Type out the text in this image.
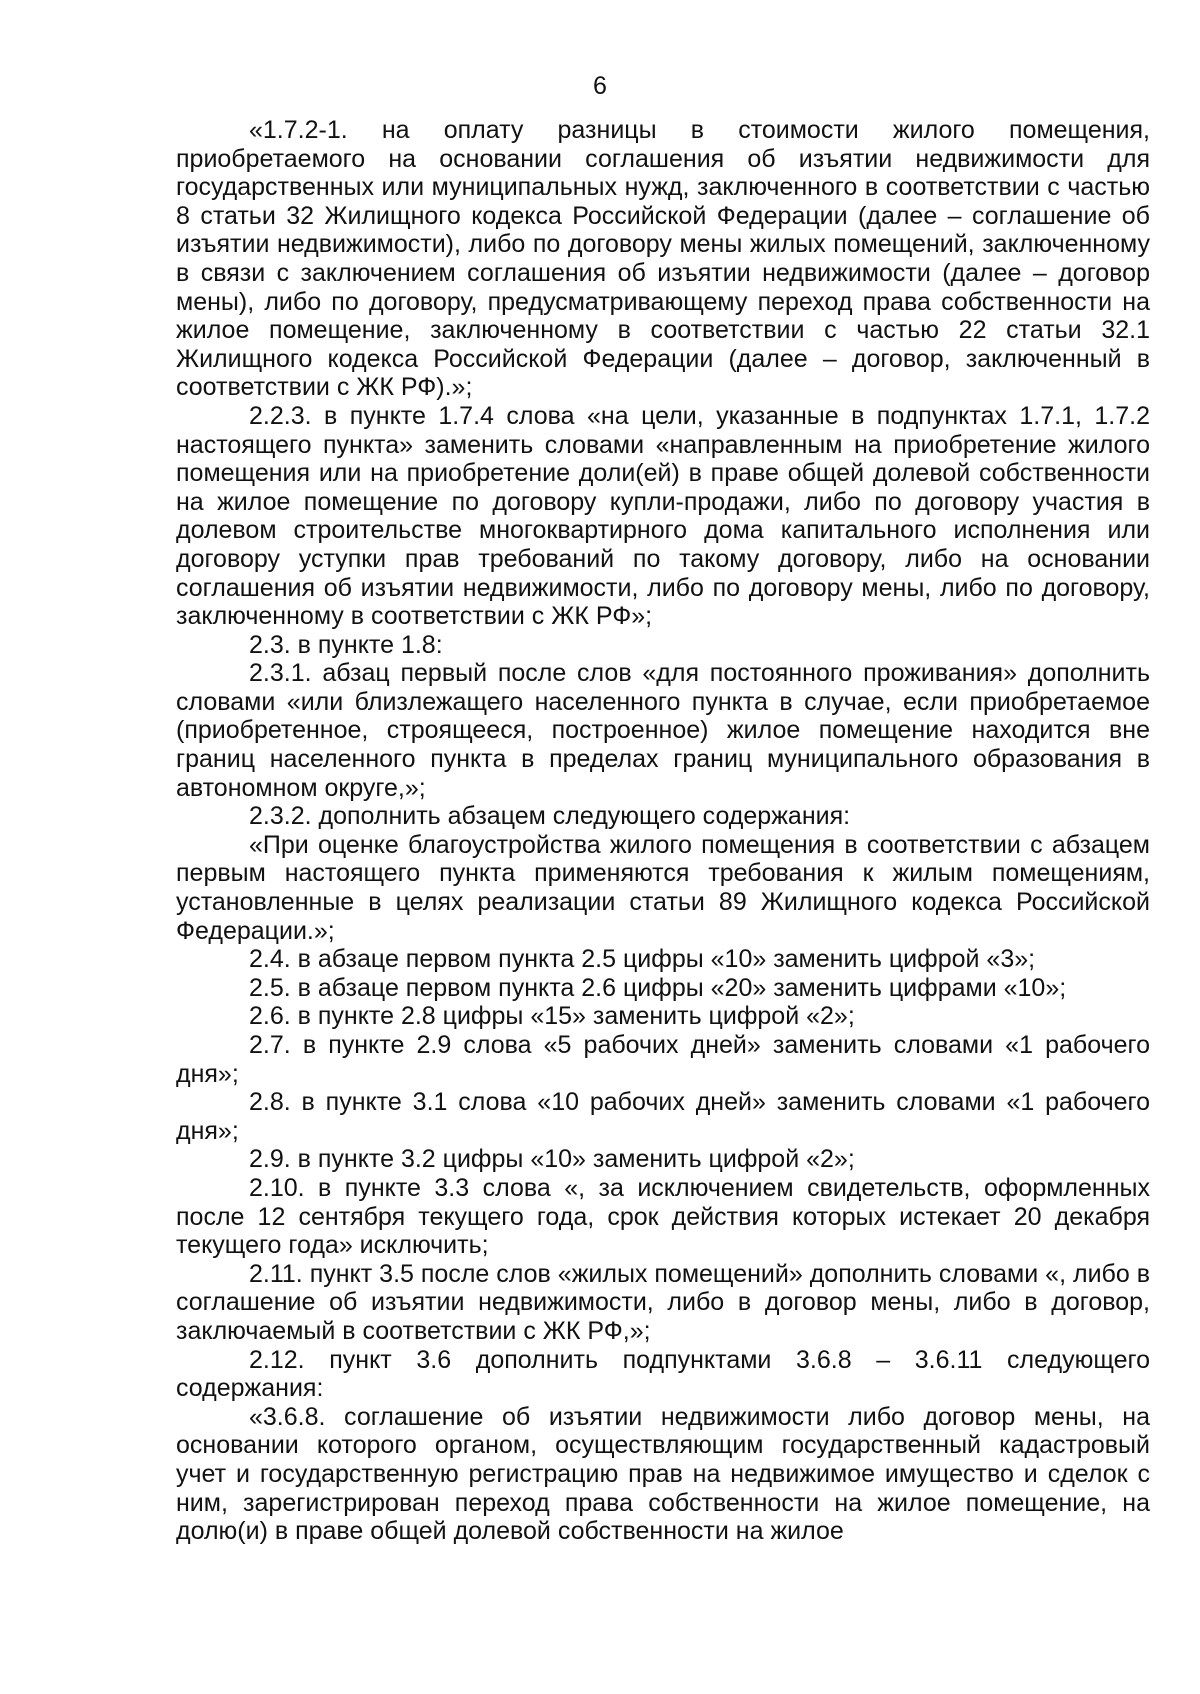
6

«1.7.2-1. на оплату разницы в стоимости жилого помещения, приобретаемого на основании соглашения об изъятии недвижимости для государственных или муниципальных нужд, заключенного в соответствии с частью 8 статьи 32 Жилищного кодекса Российской Федерации (далее – соглашение об изъятии недвижимости), либо по договору мены жилых помещений, заключенному в связи с заключением соглашения об изъятии недвижимости (далее – договор мены), либо по договору, предусматривающему переход права собственности на жилое помещение, заключенному в соответствии с частью 22 статьи 32.1 Жилищного кодекса Российской Федерации (далее – договор, заключенный в соответствии с ЖК РФ).»;

2.2.3. в пункте 1.7.4 слова «на цели, указанные в подпунктах 1.7.1, 1.7.2 настоящего пункта» заменить словами «направленным на приобретение жилого помещения или на приобретение доли(ей) в праве общей долевой собственности на жилое помещение по договору купли-продажи, либо по договору участия в долевом строительстве многоквартирного дома капитального исполнения или договору уступки прав требований по такому договору, либо на основании соглашения об изъятии недвижимости, либо по договору мены, либо по договору, заключенному в соответствии с ЖК РФ»;

2.3. в пункте 1.8:

2.3.1. абзац первый после слов «для постоянного проживания» дополнить словами «или близлежащего населенного пункта в случае, если приобретаемое (приобретенное, строящееся, построенное) жилое помещение находится вне границ населенного пункта в пределах границ муниципального образования в автономном округе,»;

2.3.2. дополнить абзацем следующего содержания:

«При оценке благоустройства жилого помещения в соответствии с абзацем первым настоящего пункта применяются требования к жилым помещениям, установленные в целях реализации статьи 89 Жилищного кодекса Российской Федерации.»;

2.4. в абзаце первом пункта 2.5 цифры «10» заменить цифрой «3»;

2.5. в абзаце первом пункта 2.6 цифры «20» заменить цифрами «10»;

2.6. в пункте 2.8 цифры «15» заменить цифрой «2»;

2.7. в пункте 2.9 слова «5 рабочих дней» заменить словами «1 рабочего дня»;

2.8. в пункте 3.1 слова «10 рабочих дней» заменить словами «1 рабочего дня»;

2.9. в пункте 3.2 цифры «10» заменить цифрой «2»;

2.10. в пункте 3.3 слова «, за исключением свидетельств, оформленных после 12 сентября текущего года, срок действия которых истекает 20 декабря текущего года» исключить;

2.11. пункт 3.5 после слов «жилых помещений» дополнить словами «, либо в соглашение об изъятии недвижимости, либо в договор мены, либо в договор, заключаемый в соответствии с ЖК РФ,»;

2.12. пункт 3.6 дополнить подпунктами 3.6.8 – 3.6.11 следующего содержания:

«3.6.8. соглашение об изъятии недвижимости либо договор мены, на основании которого органом, осуществляющим государственный кадастровый учет и государственную регистрацию прав на недвижимое имущество и сделок с ним, зарегистрирован переход права собственности на жилое помещение, на долю(и) в праве общей долевой собственности на жилое
